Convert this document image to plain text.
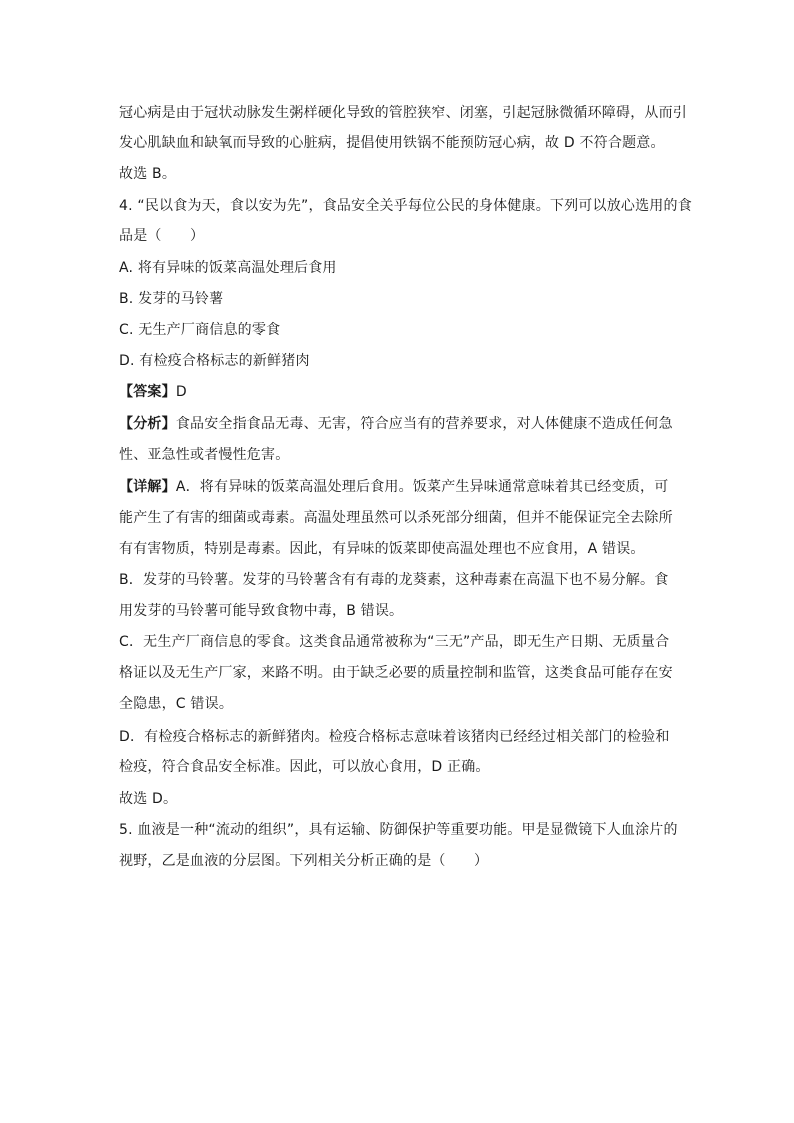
冠心病是由于冠状动脉发生粥样硬化导致的管腔狭窄、闭塞，引起冠脉微循环障碍，从而引
发心肌缺血和缺氧而导致的心脏病，提倡使用铁锅不能预防冠心病，故 D 不符合题意。
故选 B。
4. “民以食为天，食以安为先”，食品安全关乎每位公民的身体健康。下列可以放心选用的食
品是（　　）
A. 将有异味的饭菜高温处理后食用
B. 发芽的马铃薯
C. 无生产厂商信息的零食
D. 有检疫合格标志的新鲜猪肉
【答案】D
【分析】食品安全指食品无毒、无害，符合应当有的营养要求，对人体健康不造成任何急
性、亚急性或者慢性危害。
【详解】A．将有异味的饭菜高温处理后食用。饭菜产生异味通常意味着其已经变质，可
能产生了有害的细菌或毒素。高温处理虽然可以杀死部分细菌，但并不能保证完全去除所
有有害物质，特别是毒素。因此，有异味的饭菜即使高温处理也不应食用，A 错误。
B．发芽的马铃薯。发芽的马铃薯含有有毒的龙葵素，这种毒素在高温下也不易分解。食
用发芽的马铃薯可能导致食物中毒，B 错误。
C．无生产厂商信息的零食。这类食品通常被称为“三无”产品，即无生产日期、无质量合
格证以及无生产厂家，来路不明。由于缺乏必要的质量控制和监管，这类食品可能存在安
全隐患，C 错误。
D．有检疫合格标志的新鲜猪肉。检疫合格标志意味着该猪肉已经经过相关部门的检验和
检疫，符合食品安全标准。因此，可以放心食用，D 正确。
故选 D。
5. 血液是一种“流动的组织”，具有运输、防御保护等重要功能。甲是显微镜下人血涂片的
视野，乙是血液的分层图。下列相关分析正确的是（　　）
